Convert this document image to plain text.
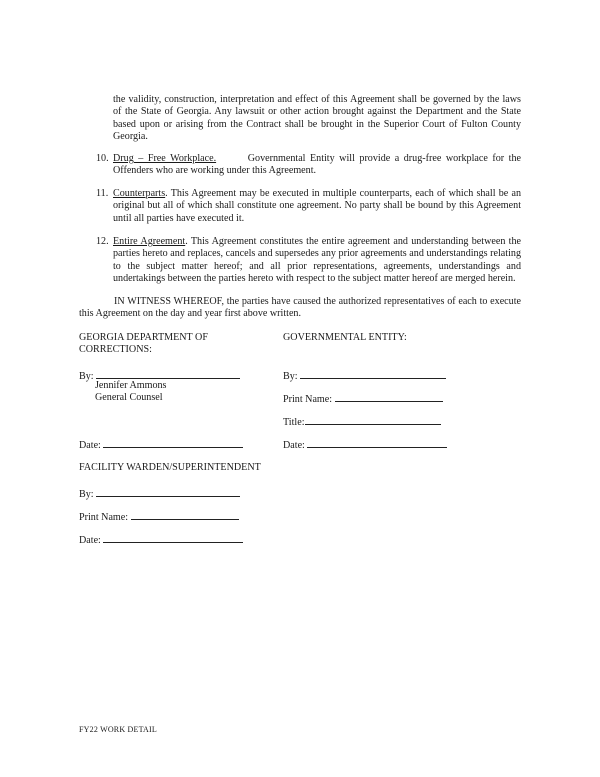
the validity, construction, interpretation and effect of this Agreement shall be governed by the laws of the State of Georgia. Any lawsuit or other action brought against the Department and the State based upon or arising from the Contract shall be brought in the Superior Court of Fulton County Georgia.
10. Drug – Free Workplace.	Governmental Entity will provide a drug-free workplace for the Offenders who are working under this Agreement.
11. Counterparts. This Agreement may be executed in multiple counterparts, each of which shall be an original but all of which shall constitute one agreement. No party shall be bound by this Agreement until all parties have executed it.
12. Entire Agreement. This Agreement constitutes the entire agreement and understanding between the parties hereto and replaces, cancels and supersedes any prior agreements and understandings relating to the subject matter hereof; and all prior representations, agreements, understandings and undertakings between the parties hereto with respect to the subject matter hereof are merged herein.
IN WITNESS WHEREOF, the parties have caused the authorized representatives of each to execute this Agreement on the day and year first above written.
GEORGIA DEPARTMENT OF
CORRECTIONS:
By:
Jennifer Ammons
General Counsel
Date:
GOVERNMENTAL ENTITY:
By:
Print Name:
Title:
Date:
FACILITY WARDEN/SUPERINTENDENT
By:
Print Name:
Date:
FY22 WORK DETAIL
